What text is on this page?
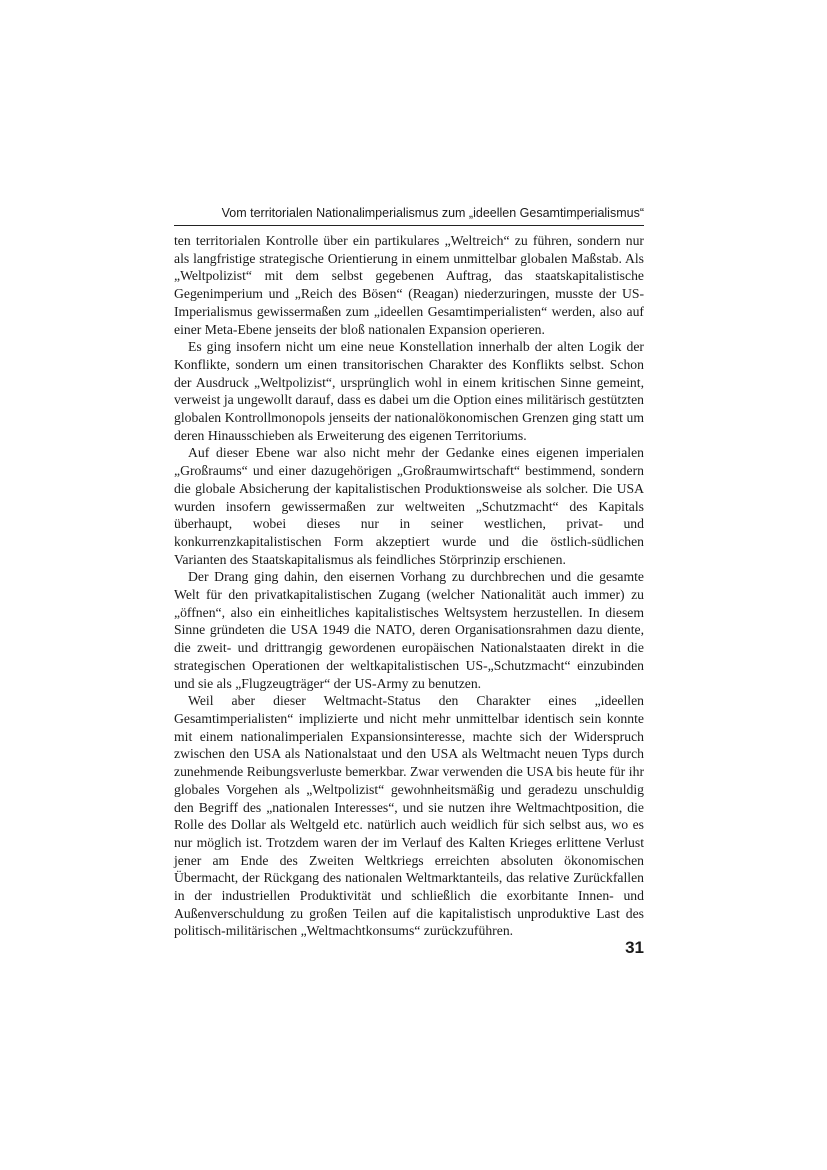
Vom territorialen Nationalimperialismus zum „ideellen Gesamtimperialismus“

ten territorialen Kontrolle über ein partikulares „Weltreich“ zu führen, sondern nur als langfristige strategische Orientierung in einem unmittelbar globalen Maßstab. Als „Weltpolizist“ mit dem selbst gegebenen Auftrag, das staatskapitalistische Gegenimperium und „Reich des Bösen“ (Reagan) niederzuringen, musste der US-Imperialismus gewissermaßen zum „ideellen Gesamtimperialisten“ werden, also auf einer Meta-Ebene jenseits der bloß nationalen Expansion operieren.

Es ging insofern nicht um eine neue Konstellation innerhalb der alten Logik der Konflikte, sondern um einen transitorischen Charakter des Konflikts selbst. Schon der Ausdruck „Weltpolizist“, ursprünglich wohl in einem kritischen Sinne gemeint, verweist ja ungewollt darauf, dass es dabei um die Option eines militärisch gestützten globalen Kontrollmonopols jenseits der nationalökonomischen Grenzen ging statt um deren Hinausschieben als Erweiterung des eigenen Territoriums.

Auf dieser Ebene war also nicht mehr der Gedanke eines eigenen imperialen „Großraums“ und einer dazugehörigen „Großraumwirtschaft“ bestimmend, sondern die globale Absicherung der kapitalistischen Produktionsweise als solcher. Die USA wurden insofern gewissermaßen zur weltweiten „Schutzmacht“ des Kapitals überhaupt, wobei dieses nur in seiner westlichen, privat- und konkurrenzkapitalistischen Form akzeptiert wurde und die östlich-südlichen Varianten des Staatskapitalismus als feindliches Störprinzip erschienen.

Der Drang ging dahin, den eisernen Vorhang zu durchbrechen und die gesamte Welt für den privatkapitalistischen Zugang (welcher Nationalität auch immer) zu „öffnen“, also ein einheitliches kapitalistisches Weltsystem herzustellen. In diesem Sinne gründeten die USA 1949 die NATO, deren Organisationsrahmen dazu diente, die zweit- und drittrangig gewordenen europäischen Nationalstaaten direkt in die strategischen Operationen der weltkapitalistischen US-„Schutzmacht“ einzubinden und sie als „Flugzeugträger“ der US-Army zu benutzen.

Weil aber dieser Weltmacht-Status den Charakter eines „ideellen Gesamtimperialisten“ implizierte und nicht mehr unmittelbar identisch sein konnte mit einem nationalimperialen Expansionsinteresse, machte sich der Widerspruch zwischen den USA als Nationalstaat und den USA als Weltmacht neuen Typs durch zunehmende Reibungsverluste bemerkbar. Zwar verwenden die USA bis heute für ihr globales Vorgehen als „Weltpolizist“ gewohnheitsmäßig und geradezu unschuldig den Begriff des „nationalen Interesses“, und sie nutzen ihre Weltmachtposition, die Rolle des Dollar als Weltgeld etc. natürlich auch weidlich für sich selbst aus, wo es nur möglich ist. Trotzdem waren der im Verlauf des Kalten Krieges erlittene Verlust jener am Ende des Zweiten Weltkriegs erreichten absoluten ökonomischen Übermacht, der Rückgang des nationalen Weltmarktanteils, das relative Zurückfallen in der industriellen Produktivität und schließlich die exorbitante Innen- und Außenverschuldung zu großen Teilen auf die kapitalistisch unproduktive Last des politisch-militärischen „Weltmachtkonsums“ zurückzuführen.

31
